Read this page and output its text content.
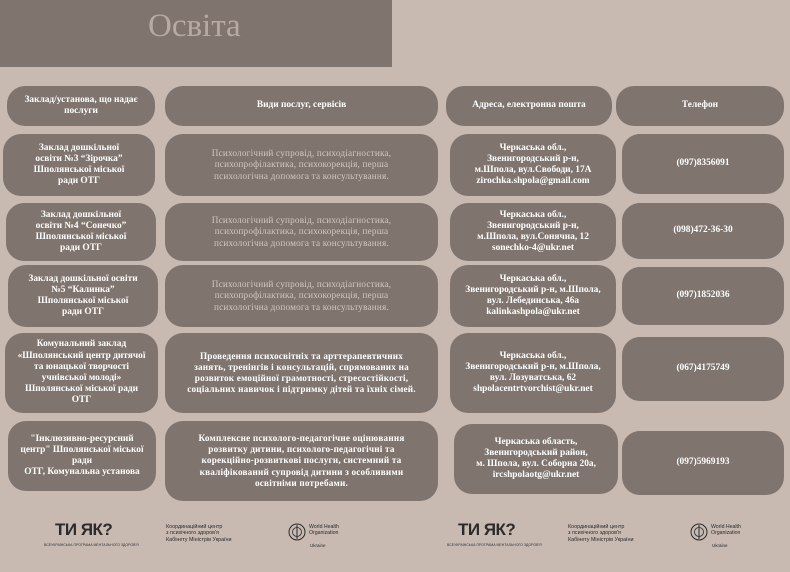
Освіта
Заклад/установа, що надає послуги
Види послуг, сервісів	Адреса, електронна пошта	Телефон
Заклад дошкільної
освіти №3 “Зірочка”
Шполянської міської
ради ОТГ
Психологічний супровід, психодіагностика,
психопрофілактика, психокорекція, перша
психологічна допомога та консультування.
Черкаська обл.,
Звенигородський р-н,
м.Шпола, вул.Свободи, 17А
zirochka.shpola@gmail.com
(097)8356091
Заклад дошкільної
освіти №4 “Сонечко”
Шполянської міської
ради ОТГ
Психологічний супровід, психодіагностика,
психопрофілактика, психокорекція, перша
психологічна допомога та консультування.
Черкаська обл.,
Звенигородський р-н,
м.Шпола, вул.Сонячна, 12
sonechko-4@ukr.net
(098)472-36-30
Заклад дошкільної освіти
№5 “Калинка”
Шполянської міської
ради ОТГ
Психологічний супровід, психодіагностика,
психопрофілактика, психокорекція, перша
психологічна допомога та консультування.
Черкаська обл.,
Звенигородський р-н, м.Шпола,
вул. Лебединська, 46а
kalinkashpola@ukr.net
(097)1852036
Комунальний заклад
«Шполянський центр дитячої
та юнацької творчості
учнівської молоді»
Шполянської міської ради
ОТГ
Проведення психосвітніх та арттерапевтичних
занять, тренінгів і консультацій, спрямованих на
розвиток емоційної грамотності, стресостійкості,
соціальних навичок і підтримку дітей та їхніх сімей.
Черкаська обл.,
Звенигородський р-н, м.Шпола,
вул. Лозуватська, 62
shpolacentrtvorchist@ukr.net
(067)4175749
"Інклюзивно-ресурсний
центр" Шполянської міської
ради
ОТГ, Комунальна установа
Комплексне психолого-педагогічне оцінювання
розвитку дитини, психолого-педагогічні та
корекційно-розвиткові послуги, системний та
кваліфікований супровід дитини з особливими
освітніми потребами.
Черкаська область,
Звенигородський район,
м. Шпола, вул. Соборна 20а,
ircshpolaotg@ukr.net
(097)5969193
ТИ ЯК?
ВСЕУКРАЇНСЬКА ПРОГРАМА МЕНТАЛЬНОГО ЗДОРОВ'Я
Координаційний центр
з психічного здоров'я
Кабінету Міністрів України
World Health
Organization
Ukraine
ТИ ЯК?
ВСЕУКРАЇНСЬКА ПРОГРАМА МЕНТАЛЬНОГО ЗДОРОВ'Я
Координаційний центр
з психічного здоров'я
Кабінету Міністрів України
World Health
Organization
Ukraine
